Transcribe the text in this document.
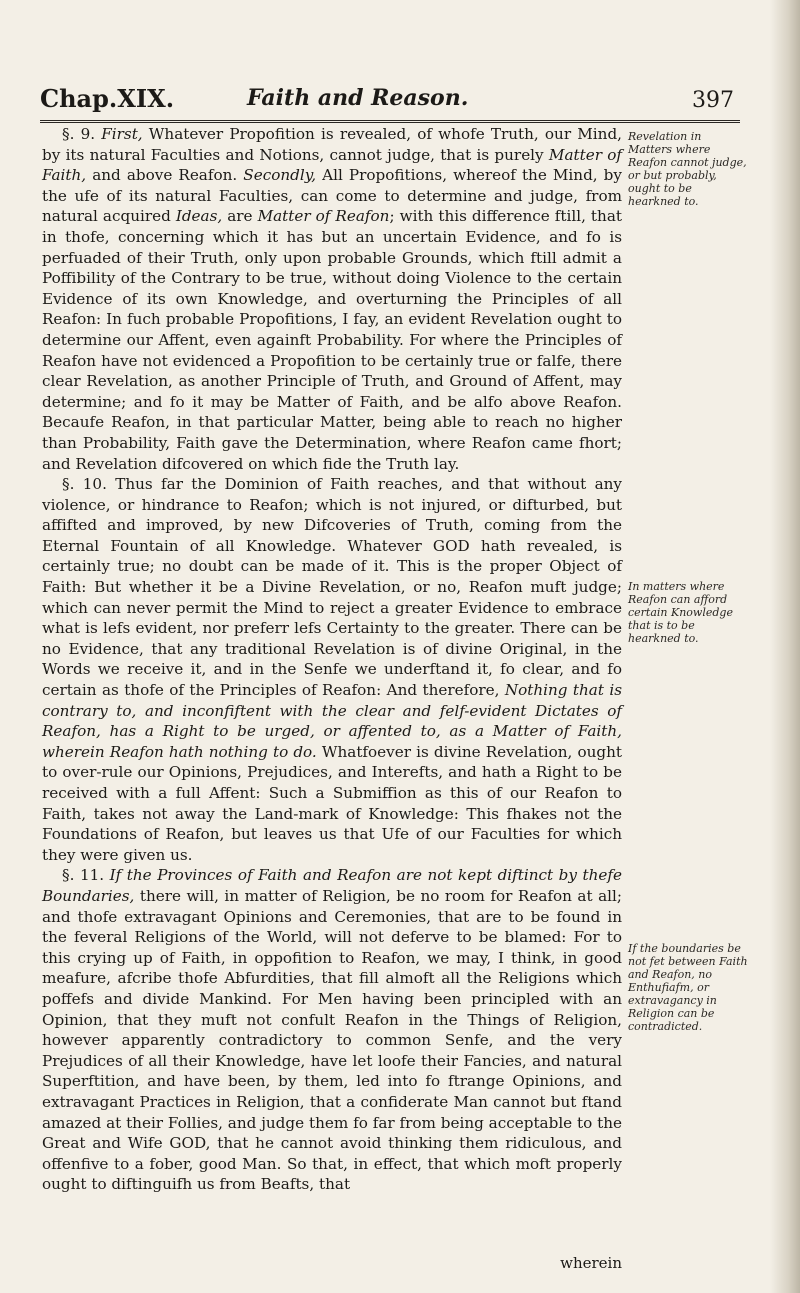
Chap.XIX.	Faith and Reason.	397

§. 9. First, Whatever Propofition is revealed, of whofe Truth, our Mind, by its natural Faculties and Notions, cannot judge, that is purely Matter of Faith, and above Reafon. Secondly, All Propofitions, whereof the Mind, by the ufe of its natural Faculties, can come to determine and judge, from natural acquired Ideas, are Matter of Reafon; with this difference ftill, that in thofe, concerning which it has but an uncertain Evidence, and fo is perfuaded of their Truth, only upon probable Grounds, which ftill admit a Poffibility of the Contrary to be true, without doing Violence to the certain Evidence of its own Knowledge, and overturning the Principles of all Reafon: In fuch probable Propofitions, I fay, an evident Revelation ought to determine our Affent, even againft Probability. For where the Principles of Reafon have not evidenced a Propofition to be certainly true or falfe, there clear Revelation, as another Principle of Truth, and Ground of Affent, may determine; and fo it may be Matter of Faith, and be alfo above Reafon. Becaufe Reafon, in that particular Matter, being able to reach no higher than Probability, Faith gave the Determination, where Reafon came fhort; and Revelation difcovered on which fide the Truth lay.

§. 10. Thus far the Dominion of Faith reaches, and that without any violence, or hindrance to Reafon; which is not injured, or difturbed, but affifted and improved, by new Difcoveries of Truth, coming from the Eternal Fountain of all Knowledge. Whatever GOD hath revealed, is certainly true; no doubt can be made of it. This is the proper Object of Faith: But whether it be a Divine Revelation, or no, Reafon muft judge; which can never permit the Mind to reject a greater Evidence to embrace what is lefs evident, nor preferr lefs Certainty to the greater. There can be no Evidence, that any traditional Revelation is of divine Original, in the Words we receive it, and in the Senfe we underftand it, fo clear, and fo certain as thofe of the Principles of Reafon: And therefore, Nothing that is contrary to, and inconfiftent with the clear and felf-evident Dictates of Reafon, has a Right to be urged, or affented to, as a Matter of Faith, wherein Reafon hath nothing to do. Whatfoever is divine Revelation, ought to over-rule our Opinions, Prejudices, and Interefts, and hath a Right to be received with a full Affent: Such a Submiffion as this of our Reafon to Faith, takes not away the Land-mark of Knowledge: This fhakes not the Foundations of Reafon, but leaves us that Ufe of our Faculties for which they were given us.

§. 11. If the Provinces of Faith and Reafon are not kept diftinct by thefe Boundaries, there will, in matter of Religion, be no room for Reafon at all; and thofe extravagant Opinions and Ceremonies, that are to be found in the feveral Religions of the World, will not deferve to be blamed: For to this crying up of Faith, in oppofition to Reafon, we may, I think, in good meafure, afcribe thofe Abfurdities, that fill almoft all the Religions which poffefs and divide Mankind. For Men having been principled with an Opinion, that they muft not confult Reafon in the Things of Religion, however apparently contradictory to common Senfe, and the very Prejudices of all their Knowledge, have let loofe their Fancies, and natural Superftition, and have been, by them, led into fo ftrange Opinions, and extravagant Practices in Religion, that a confiderate Man cannot but ftand amazed at their Follies, and judge them fo far from being acceptable to the Great and Wife GOD, that he cannot avoid thinking them ridiculous, and offenfive to a fober, good Man. So that, in effect, that which moft properly ought to diftinguifh us from Beafts, that

Revelation in Matters where Reafon cannot judge, or but probably, ought to be hearkned to.
In matters where Reafon can afford certain Knowledge that is to be hearkned to.
If the boundaries be not fet between Faith and Reafon, no Enthufiafm, or extravagancy in Religion can be contradicted.
wherein
